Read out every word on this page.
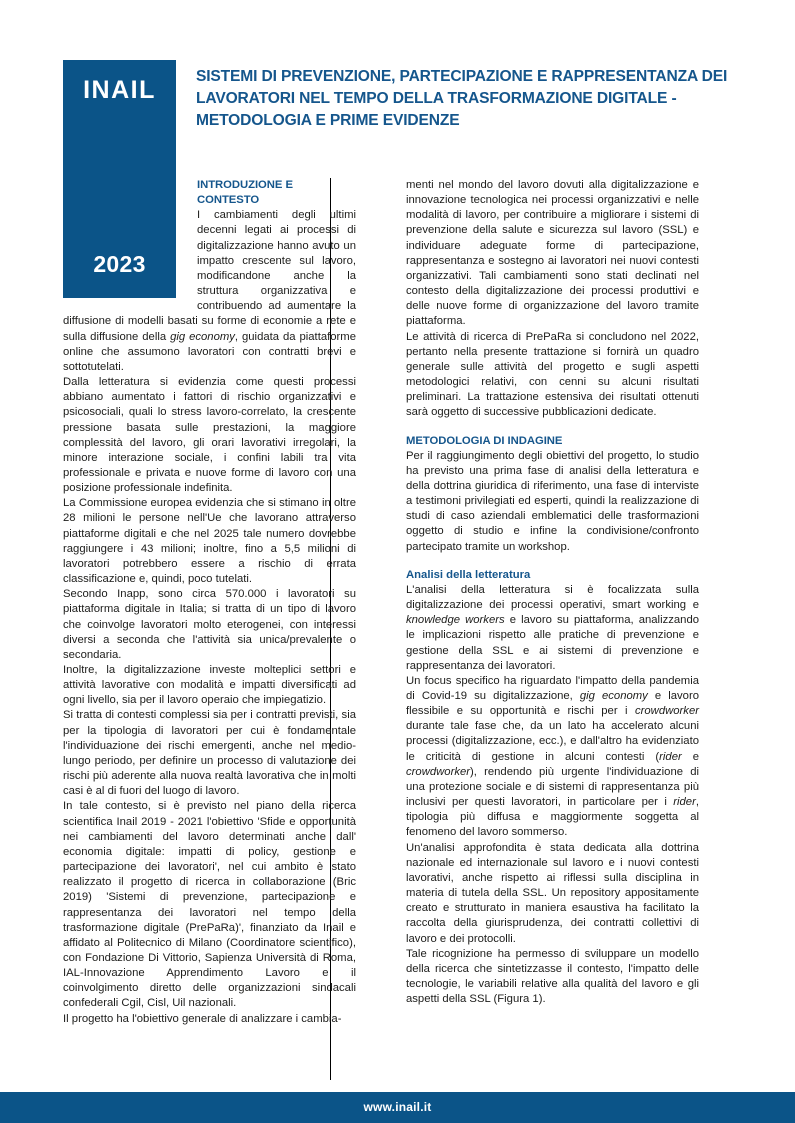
INAIL
2023
SISTEMI DI PREVENZIONE, PARTECIPAZIONE E RAPPRESENTANZA DEI LAVORATORI NEL TEMPO DELLA TRASFORMAZIONE DIGITALE - METODOLOGIA E PRIME EVIDENZE
INTRODUZIONE E CONTESTO

I cambiamenti degli ultimi decenni legati ai processi di digitalizzazione hanno avuto un impatto crescente sul lavoro, modificandone anche la struttura organizzativa e contribuendo ad aumentare la diffusione di modelli basati su forme di economie a rete e sulla diffusione della gig economy, guidata da piattaforme online che assumono lavoratori con contratti brevi e sottotutelati.

Dalla letteratura si evidenzia come questi processi abbiano aumentato i fattori di rischio organizzativi e psicosociali, quali lo stress lavoro-correlato, la crescente pressione basata sulle prestazioni, la maggiore complessità del lavoro, gli orari lavorativi irregolari, la minore interazione sociale, i confini labili tra vita professionale e privata e nuove forme di lavoro con una posizione professionale indefinita.

La Commissione europea evidenzia che si stimano in oltre 28 milioni le persone nell'Ue che lavorano attraverso piattaforme digitali e che nel 2025 tale numero dovrebbe raggiungere i 43 milioni; inoltre, fino a 5,5 milioni di lavoratori potrebbero essere a rischio di errata classificazione e, quindi, poco tutelati.

Secondo Inapp, sono circa 570.000 i lavoratori su piattaforma digitale in Italia; si tratta di un tipo di lavoro che coinvolge lavoratori molto eterogenei, con interessi diversi a seconda che l'attività sia unica/prevalente o secondaria.

Inoltre, la digitalizzazione investe molteplici settori e attività lavorative con modalità e impatti diversificati ad ogni livello, sia per il lavoro operaio che impiegatizio.

Si tratta di contesti complessi sia per i contratti previsti, sia per la tipologia di lavoratori per cui è fondamentale l'individuazione dei rischi emergenti, anche nel medio-lungo periodo, per definire un processo di valutazione dei rischi più aderente alla nuova realtà lavorativa che in molti casi è al di fuori del luogo di lavoro.

In tale contesto, si è previsto nel piano della ricerca scientifica Inail 2019 - 2021 l'obiettivo 'Sfide e opportunità nei cambiamenti del lavoro determinati anche dall' economia digitale: impatti di policy, gestione e partecipazione dei lavoratori', nel cui ambito è stato realizzato il progetto di ricerca in collaborazione (Bric 2019) 'Sistemi di prevenzione, partecipazione e rappresentanza dei lavoratori nel tempo della trasformazione digitale (PrePaRa)', finanziato da Inail e affidato al Politecnico di Milano (Coordinatore scientifico), con Fondazione Di Vittorio, Sapienza Università di Roma, IAL-Innovazione Apprendimento Lavoro e il coinvolgimento diretto delle organizzazioni sindacali confederali Cgil, Cisl, Uil nazionali.

Il progetto ha l'obiettivo generale di analizzare i cambia-

menti nel mondo del lavoro dovuti alla digitalizzazione e innovazione tecnologica nei processi organizzativi e nelle modalità di lavoro, per contribuire a migliorare i sistemi di prevenzione della salute e sicurezza sul lavoro (SSL) e individuare adeguate forme di partecipazione, rappresentanza e sostegno ai lavoratori nei nuovi contesti organizzativi. Tali cambiamenti sono stati declinati nel contesto della digitalizzazione dei processi produttivi e delle nuove forme di organizzazione del lavoro tramite piattaforma.

Le attività di ricerca di PrePaRa si concludono nel 2022, pertanto nella presente trattazione si fornirà un quadro generale sulle attività del progetto e sugli aspetti metodologici relativi, con cenni su alcuni risultati preliminari. La trattazione estensiva dei risultati ottenuti sarà oggetto di successive pubblicazioni dedicate.

METODOLOGIA DI INDAGINE

Per il raggiungimento degli obiettivi del progetto, lo studio ha previsto una prima fase di analisi della letteratura e della dottrina giuridica di riferimento, una fase di interviste a testimoni privilegiati ed esperti, quindi la realizzazione di studi di caso aziendali emblematici delle trasformazioni oggetto di studio e infine la condivisione/confronto partecipato tramite un workshop.

Analisi della letteratura

L'analisi della letteratura si è focalizzata sulla digitalizzazione dei processi operativi, smart working e knowledge workers e lavoro su piattaforma, analizzando le implicazioni rispetto alle pratiche di prevenzione e gestione della SSL e ai sistemi di prevenzione e rappresentanza dei lavoratori.

Un focus specifico ha riguardato l'impatto della pandemia di Covid-19 su digitalizzazione, gig economy e lavoro flessibile e su opportunità e rischi per i crowdworker durante tale fase che, da un lato ha accelerato alcuni processi (digitalizzazione, ecc.), e dall'altro ha evidenziato le criticità di gestione in alcuni contesti (rider e crowdworker), rendendo più urgente l'individuazione di una protezione sociale e di sistemi di rappresentanza più inclusivi per questi lavoratori, in particolare per i rider, tipologia più diffusa e maggiormente soggetta al fenomeno del lavoro sommerso.

Un'analisi approfondita è stata dedicata alla dottrina nazionale ed internazionale sul lavoro e i nuovi contesti lavorativi, anche rispetto ai riflessi sulla disciplina in materia di tutela della SSL. Un repository appositamente creato e strutturato in maniera esaustiva ha facilitato la raccolta della giurisprudenza, dei contratti collettivi di lavoro e dei protocolli.

Tale ricognizione ha permesso di sviluppare un modello della ricerca che sintetizzasse il contesto, l'impatto delle tecnologie, le variabili relative alla qualità del lavoro e gli aspetti della SSL (Figura 1).

www.inail.it
